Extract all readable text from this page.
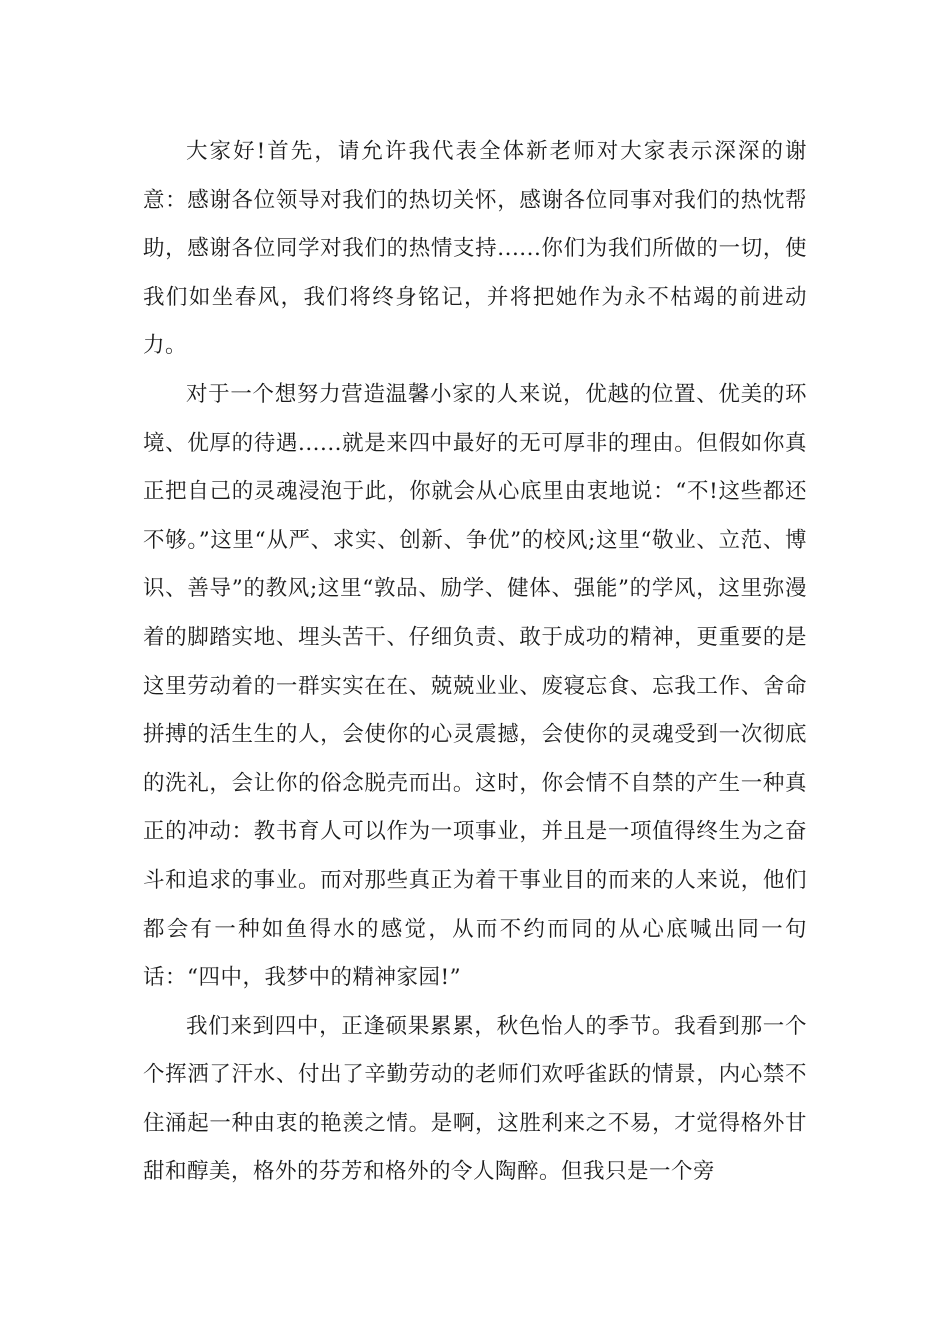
大家好!首先，请允许我代表全体新老师对大家表示深深的谢意：感谢各位领导对我们的热切关怀，感谢各位同事对我们的热忱帮助，感谢各位同学对我们的热情支持......你们为我们所做的一切，使我们如坐春风，我们将终身铭记，并将把她作为永不枯竭的前进动力。

对于一个想努力营造温馨小家的人来说，优越的位置、优美的环境、优厚的待遇......就是来四中最好的无可厚非的理由。但假如你真正把自己的灵魂浸泡于此，你就会从心底里由衷地说：“不!这些都还不够。”这里“从严、求实、创新、争优”的校风;这里“敬业、立范、博识、善导”的教风;这里“敦品、励学、健体、强能”的学风，这里弥漫着的脚踏实地、埋头苦干、仔细负责、敢于成功的精神，更重要的是这里劳动着的一群实实在在、兢兢业业、废寝忘食、忘我工作、舍命拼搏的活生生的人，会使你的心灵震撼，会使你的灵魂受到一次彻底的洗礼，会让你的俗念脱壳而出。这时，你会情不自禁的产生一种真正的冲动：教书育人可以作为一项事业，并且是一项值得终生为之奋斗和追求的事业。而对那些真正为着干事业目的而来的人来说，他们都会有一种如鱼得水的感觉，从而不约而同的从心底喊出同一句话：“四中，我梦中的精神家园!”

我们来到四中，正逢硕果累累，秋色怡人的季节。我看到那一个个挥洒了汗水、付出了辛勤劳动的老师们欢呼雀跃的情景，内心禁不住涌起一种由衷的艳羡之情。是啊，这胜利来之不易，才觉得格外甘甜和醇美，格外的芬芳和格外的令人陶醉。但我只是一个旁
